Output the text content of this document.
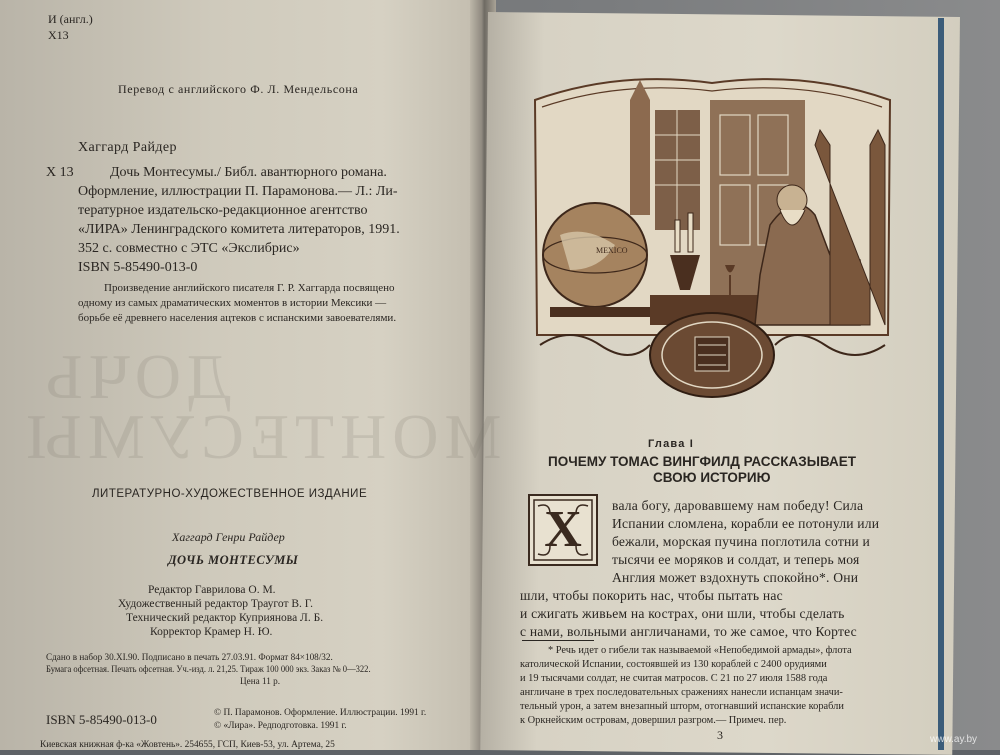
ДОЧЬ
МОНТЕСУМЫ
И (англ.)
Х13
Перевод с английского Ф. Л. Мендельсона
Хаггард Райдер
Х 13	Дочь Монтесумы./ Библ. авантюрного романа.
Оформление, иллюстрации П. Парамонова.— Л.: Ли-
тературное издательско-редакционное агентство
«ЛИРА» Ленинградского комитета литераторов, 1991.
352 с. совместно с ЭТС «Экслибрис»
ISBN 5-85490-013-0
Произведение английского писателя Г. Р. Хаггарда посвящено
одному из самых драматических моментов в истории Мексики —
борьбе её древнего населения ацтеков с испанскими завоевателями.
ЛИТЕРАТУРНО-ХУДОЖЕСТВЕННОЕ ИЗДАНИЕ
Хаггард Генри Райдер
ДОЧЬ МОНТЕСУМЫ
Редактор Гаврилова О. М.
Художественный редактор Траугот В. Г.
Технический редактор Куприянова Л. Б.
Корректор Крамер Н. Ю.
Сдано в набор 30.XI.90. Подписано в печать 27.03.91. Формат 84×108/32.
Бумага офсетная. Печать офсетная. Уч.-изд. л. 21,25. Тираж 100 000 экз. Заказ № 0—322.
Цена 11 р.
ISBN 5-85490-013-0	© П. Парамонов. Оформление. Иллюстрации. 1991 г.
© «Лира». Редподготовка. 1991 г.
Киевская книжная ф-ка «Жовтень». 254655, ГСП, Киев-53, ул. Артема, 25
MEXICO
Глава I
ПОЧЕМУ ТОМАС ВИНГФИЛД РАССКАЗЫВАЕТ
СВОЮ ИСТОРИЮ
Х	вала богу, даровавшему нам победу! Сила
Испании сломлена, корабли ее потонули или
бежали, морская пучина поглотила сотни и
тысячи ее моряков и солдат, и теперь моя
Англия может вздохнуть спокойно*. Они
шли, чтобы покорить нас, чтобы пытать нас
и сжигать живьем на кострах, они шли, чтобы сделать
с нами, вольными англичанами, то же самое, что Кортес
* Речь идет о гибели так называемой «Непобедимой армады», флота
католической Испании, состоявшей из 130 кораблей с 2400 орудиями
и 19 тысячами солдат, не считая матросов. С 21 по 27 июля 1588 года
англичане в трех последовательных сражениях нанесли испанцам значи-
тельный урон, а затем внезапный шторм, отогнавший испанские корабли
к Оркнейским островам, довершил разгром.— Примеч. пер.
3	www.ay.by
